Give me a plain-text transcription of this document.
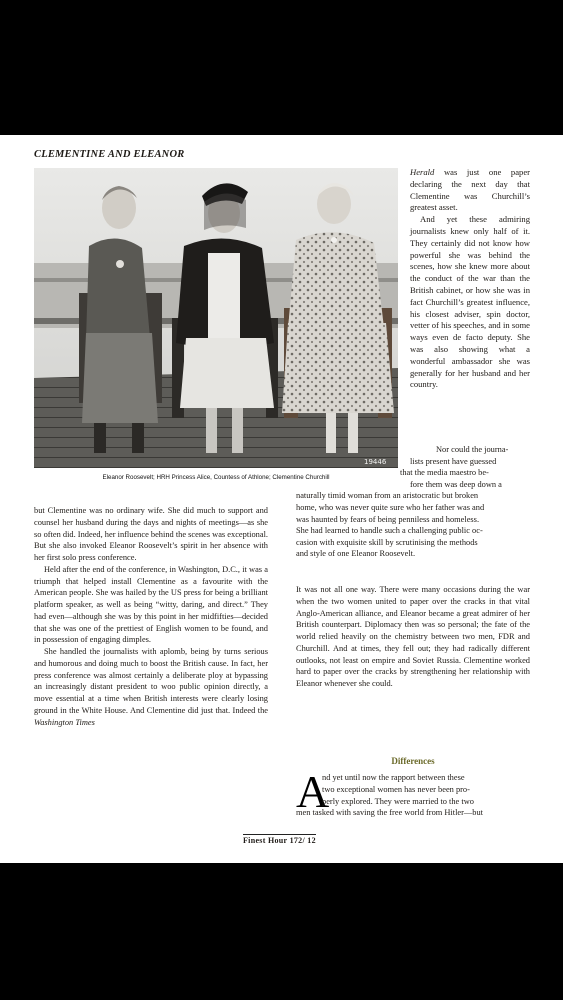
CLEMENTINE AND ELEANOR
19446
Eleanor Roosevelt; HRH Princess Alice, Countess of Athlone; Clementine Churchill

Herald was just one paper declaring the next day that Clementine was Churchill’s greatest asset.

And yet these admiring journalists knew only half of it. They certainly did not know how powerful she was behind the scenes, how she knew more about the conduct of the war than the British cabinet, or how she was in fact Churchill’s greatest influence, his closest adviser, spin doctor, vetter of his speeches, and in some ways even de facto deputy. She was also showing what a wonderful ambassador she was generally for her husband and her country.

Nor could the journa-
lists present have guessed
that the media maestro be-
fore them was deep down a
naturally timid woman from an aristocratic but broken
home, who was never quite sure who her father was and
was haunted by fears of being penniless and homeless.
She had learned to handle such a challenging public oc-
casion with exquisite skill by scrutinising the methods
and style of one Eleanor Roosevelt.

but Clementine was no ordinary wife. She did much to support and counsel her husband during the days and nights of meetings—as she so often did. Indeed, her influence behind the scenes was exceptional. But she also invoked Eleanor Roosevelt’s spirit in her absence with her first solo press conference.

Held after the end of the conference, in Washington, D.C., it was a triumph that helped install Clementine as a favourite with the American people. She was hailed by the US press for being a brilliant platform speaker, as well as being “witty, daring, and direct.” They had even—although she was by this point in her midfifties—decided that she was one of the prettiest of English women to be found, and in possession of engaging dimples.

She handled the journalists with aplomb, being by turns serious and humorous and doing much to boost the British cause. In fact, her press conference was almost certainly a deliberate ploy at bypassing an increasingly distant president to woo public opinion directly, a move essential at a time when British interests were clearly losing ground in the White House. And Clementine did just that. Indeed the Washington Times

It was not all one way. There were many occasions during the war when the two women united to paper over the cracks in that vital Anglo-American alliance, and Eleanor became a great admirer of her British counterpart. Diplomacy then was so personal; the fate of the world relied heavily on the chemistry between two men, FDR and Churchill. And at times, they fell out; they had radically different outlooks, not least on empire and Soviet Russia. Clementine worked hard to paper over the cracks by strengthening her relationship with Eleanor whenever she could.

Differences
A
nd yet until now the rapport between these
two exceptional women has never been pro-
perly explored. They were married to the two
men tasked with saving the free world from Hitler—but
Finest Hour 172/ 12
